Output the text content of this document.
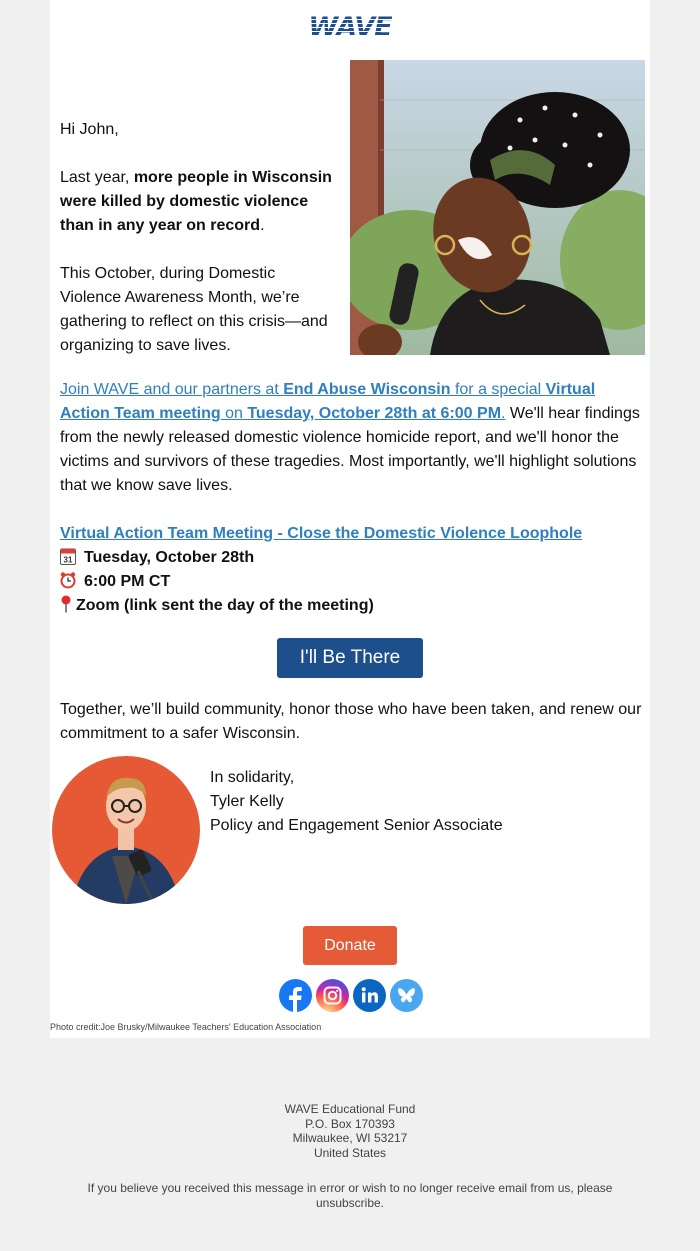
WAVE
Hi John,
Last year, more people in Wisconsin were killed by domestic violence than in any year on record.
This October, during Domestic Violence Awareness Month, we’re gathering to reflect on this crisis—and organizing to save lives.
Join WAVE and our partners at End Abuse Wisconsin for a special Virtual Action Team meeting on Tuesday, October 28th at 6:00 PM. We'll hear findings from the newly released domestic violence homicide report, and we'll honor the victims and survivors of these tragedies. Most importantly, we'll highlight solutions that we know save lives.
Virtual Action Team Meeting - Close the Domestic Violence Loophole
31 Tuesday, October 28th
6:00 PM CT
Zoom (link sent the day of the meeting)
I'll Be There
Together, we’ll build community, honor those who have been taken, and renew our commitment to a safer Wisconsin.
In solidarity,
Tyler Kelly
Policy and Engagement Senior Associate
Donate
Photo credit:Joe Brusky/Milwaukee Teachers' Education Association
WAVE Educational Fund
P.O. Box 170393
Milwaukee, WI 53217
United States
If you believe you received this message in error or wish to no longer receive email from us, please
unsubscribe.
